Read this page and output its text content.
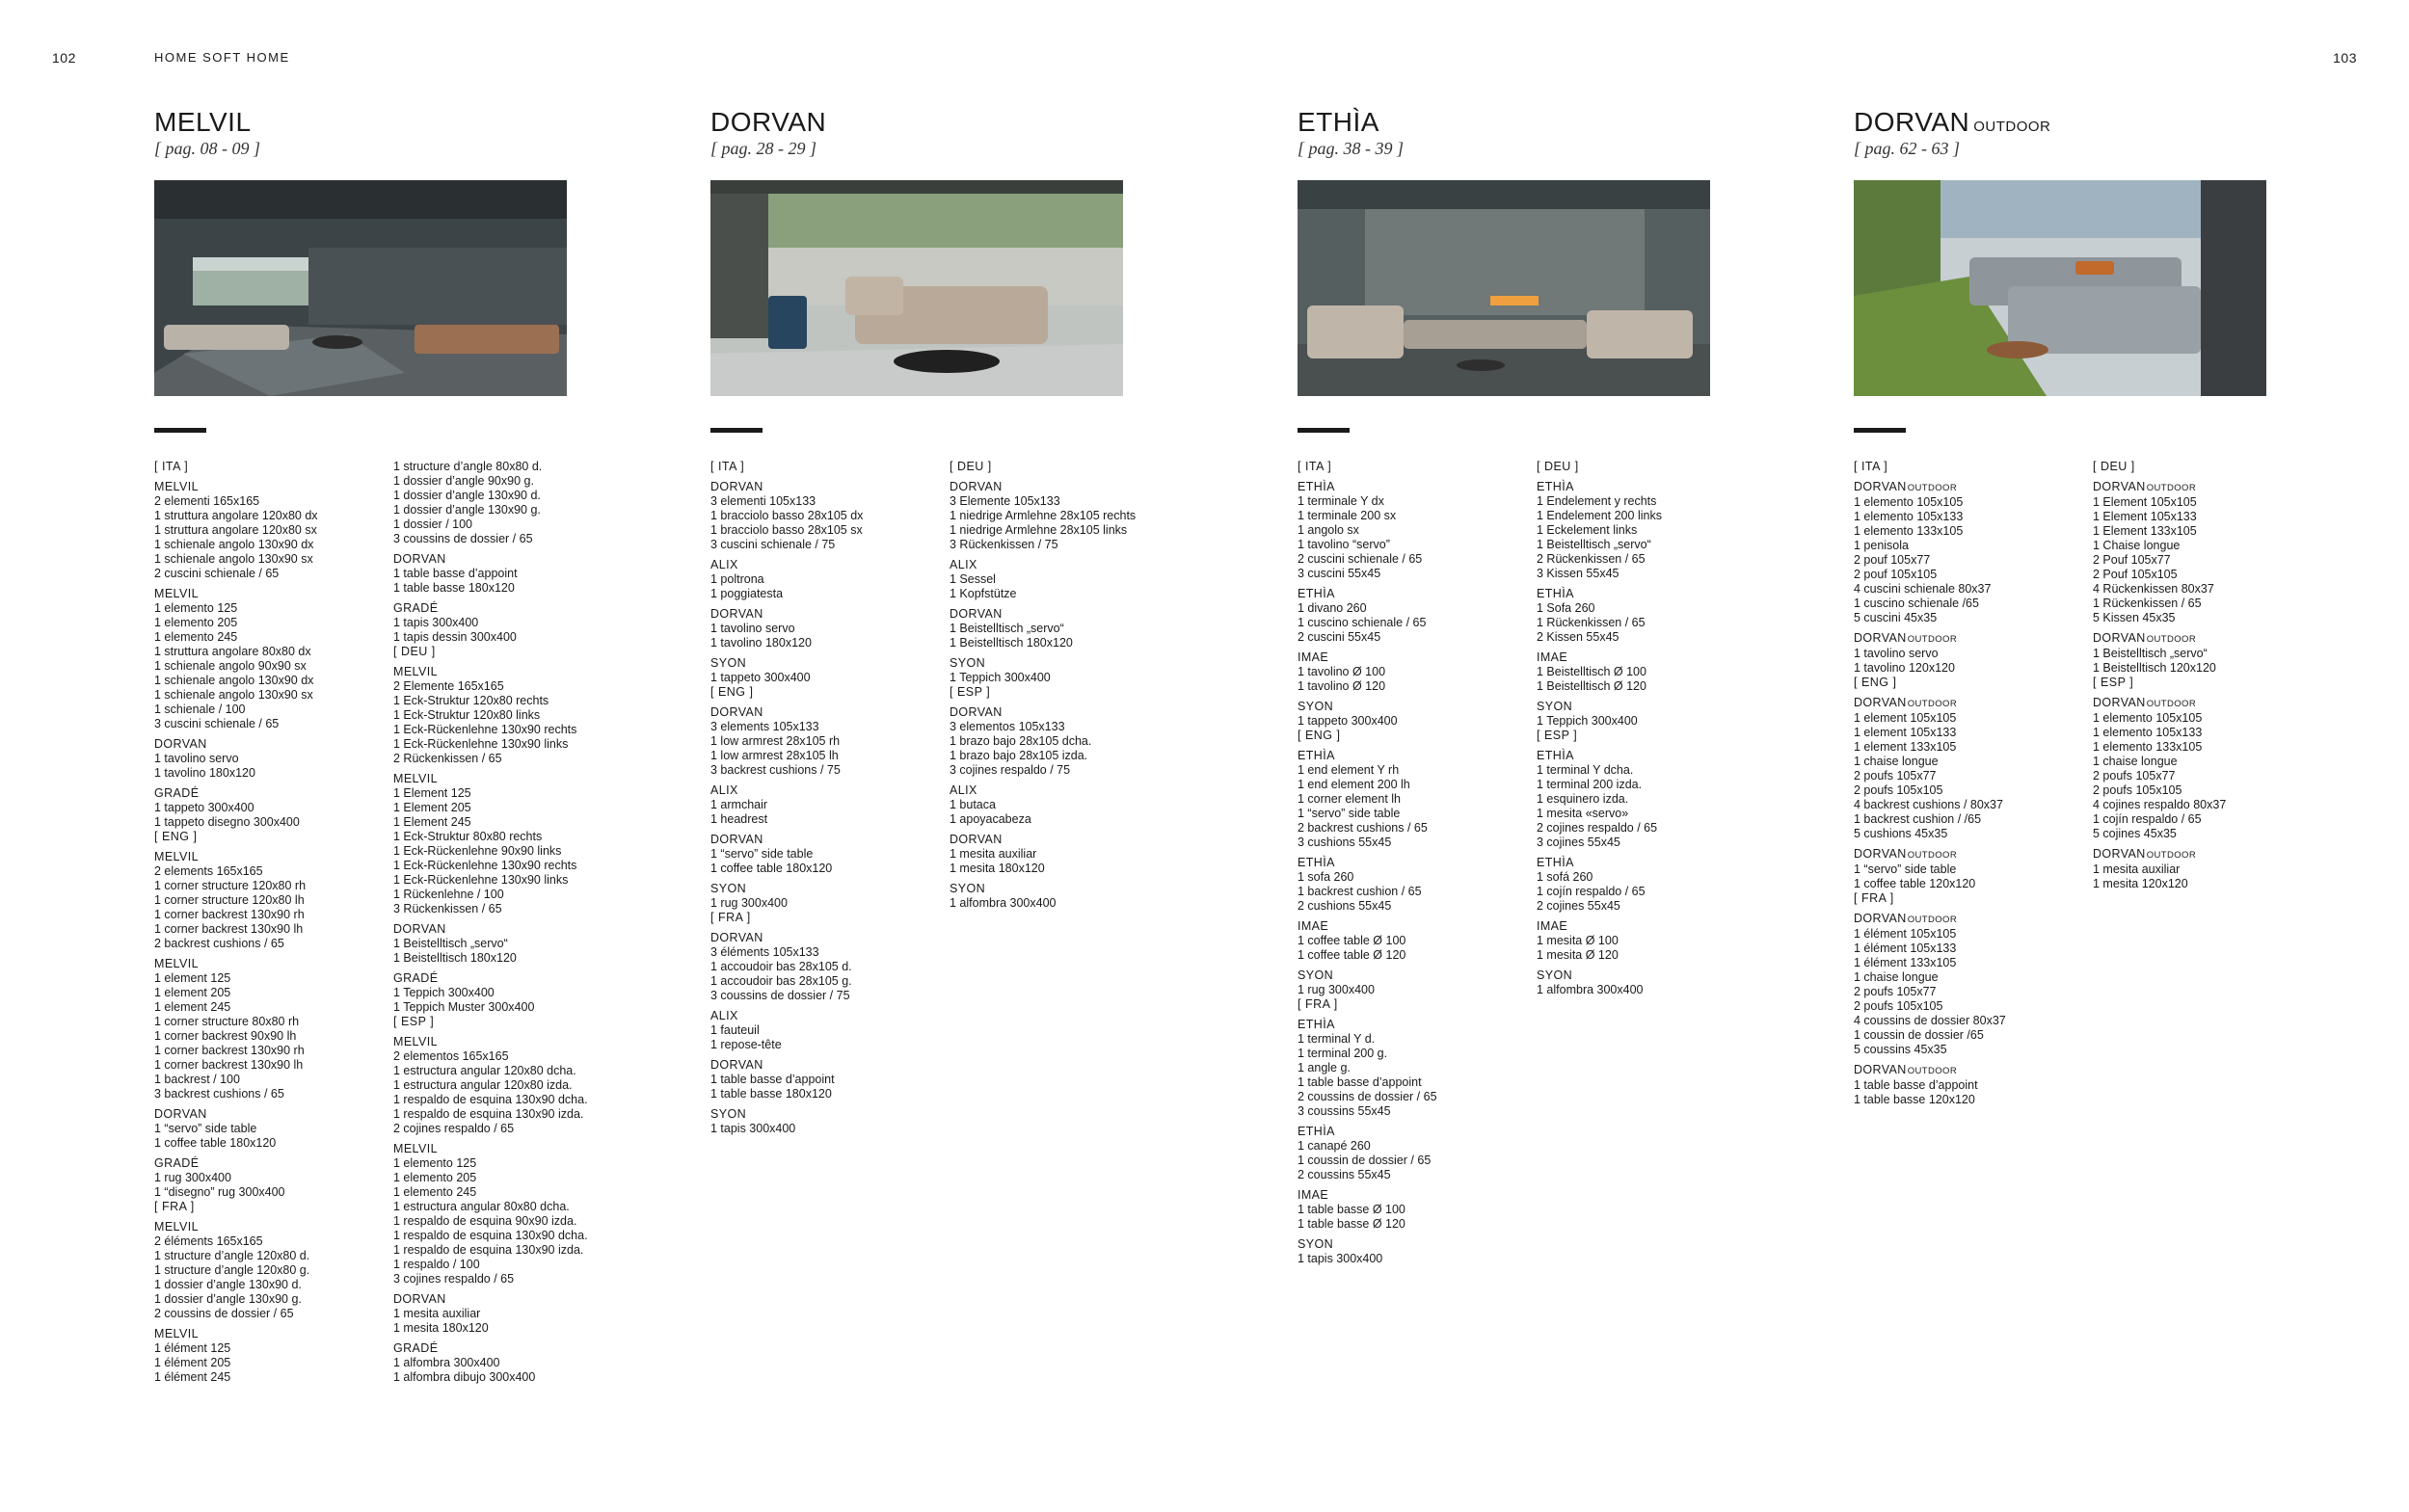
102	HOME SOFT HOME	103
MELVIL
[ pag. 08 - 09 ]
DORVAN
[ pag. 28 - 29 ]
ETHÌA
[ pag. 38 - 39 ]
DORVAN OUTDOOR
[ pag. 62 - 63 ]
[ ITA ]
MELVIL
2 elementi 165x165
1 struttura angolare 120x80 dx
1 struttura angolare 120x80 sx
1 schienale angolo 130x90 dx
1 schienale angolo 130x90 sx
2 cuscini schienale / 65
MELVIL
1 elemento 125
1 elemento 205
1 elemento 245
1 struttura angolare 80x80 dx
1 schienale angolo 90x90 sx
1 schienale angolo 130x90 dx
1 schienale angolo 130x90 sx
1 schienale / 100
3 cuscini schienale / 65
DORVAN
1 tavolino servo
1 tavolino 180x120
GRADÉ
1 tappeto 300x400
1 tappeto disegno 300x400
[ ENG ]
MELVIL
2 elements 165x165
1 corner structure 120x80 rh
1 corner structure 120x80 lh
1 corner backrest 130x90 rh
1 corner backrest 130x90 lh
2 backrest cushions / 65
MELVIL
1 element 125
1 element 205
1 element 245
1 corner structure 80x80 rh
1 corner backrest 90x90 lh
1 corner backrest 130x90 rh
1 corner backrest 130x90 lh
1 backrest / 100
3 backrest cushions / 65
DORVAN
1 “servo” side table
1 coffee table 180x120
GRADÉ
1 rug 300x400
1 “disegno” rug 300x400
[ FRA ]
MELVIL
2 éléments 165x165
1 structure d’angle 120x80 d.
1 structure d’angle 120x80 g.
1 dossier d’angle 130x90 d.
1 dossier d’angle 130x90 g.
2 coussins de dossier / 65
MELVIL
1 élément 125
1 élément 205
1 élément 245
1 structure d’angle 80x80 d.
1 dossier d’angle 90x90 g.
1 dossier d’angle 130x90 d.
1 dossier d’angle 130x90 g.
1 dossier / 100
3 coussins de dossier / 65
DORVAN
1 table basse d’appoint
1 table basse 180x120
GRADÉ
1 tapis 300x400
1 tapis dessin 300x400
[ DEU ]
MELVIL
2 Elemente 165x165
1 Eck-Struktur 120x80 rechts
1 Eck-Struktur 120x80 links
1 Eck-Rückenlehne 130x90 rechts
1 Eck-Rückenlehne 130x90 links
2 Rückenkissen / 65
MELVIL
1 Element 125
1 Element 205
1 Element 245
1 Eck-Struktur 80x80 rechts
1 Eck-Rückenlehne 90x90 links
1 Eck-Rückenlehne 130x90 rechts
1 Eck-Rückenlehne 130x90 links
1 Rückenlehne / 100
3 Rückenkissen / 65
DORVAN
1 Beistelltisch „servo“
1 Beistelltisch 180x120
GRADÉ
1 Teppich 300x400
1 Teppich Muster 300x400
[ ESP ]
MELVIL
2 elementos 165x165
1 estructura angular 120x80 dcha.
1 estructura angular 120x80 izda.
1 respaldo de esquina 130x90 dcha.
1 respaldo de esquina 130x90 izda.
2 cojines respaldo / 65
MELVIL
1 elemento 125
1 elemento 205
1 elemento 245
1 estructura angular 80x80 dcha.
1 respaldo de esquina 90x90 izda.
1 respaldo de esquina 130x90 dcha.
1 respaldo de esquina 130x90 izda.
1 respaldo / 100
3 cojines respaldo / 65
DORVAN
1 mesita auxiliar
1 mesita 180x120
GRADÉ
1 alfombra 300x400
1 alfombra dibujo 300x400
[ ITA ]
DORVAN
3 elementi 105x133
1 bracciolo basso 28x105 dx
1 bracciolo basso 28x105 sx
3 cuscini schienale / 75
ALIX
1 poltrona
1 poggiatesta
DORVAN
1 tavolino servo
1 tavolino 180x120
SYON
1 tappeto 300x400
[ ENG ]
DORVAN
3 elements 105x133
1 low armrest 28x105 rh
1 low armrest 28x105 lh
3 backrest cushions / 75
ALIX
1 armchair
1 headrest
DORVAN
1 “servo” side table
1 coffee table 180x120
SYON
1 rug 300x400
[ FRA ]
DORVAN
3 éléments 105x133
1 accoudoir bas 28x105 d.
1 accoudoir bas 28x105 g.
3 coussins de dossier / 75
ALIX
1 fauteuil
1 repose-tête
DORVAN
1 table basse d’appoint
1 table basse 180x120
SYON
1 tapis 300x400
[ DEU ]
DORVAN
3 Elemente 105x133
1 niedrige Armlehne 28x105 rechts
1 niedrige Armlehne 28x105 links
3 Rückenkissen / 75
ALIX
1 Sessel
1 Kopfstütze
DORVAN
1 Beistelltisch „servo“
1 Beistelltisch 180x120
SYON
1 Teppich 300x400
[ ESP ]
DORVAN
3 elementos 105x133
1 brazo bajo 28x105 dcha.
1 brazo bajo 28x105 izda.
3 cojines respaldo / 75
ALIX
1 butaca
1 apoyacabeza
DORVAN
1 mesita auxiliar
1 mesita 180x120
SYON
1 alfombra 300x400
[ ITA ]
ETHÌA
1 terminale Y dx
1 terminale 200 sx
1 angolo sx
1 tavolino “servo”
2 cuscini schienale / 65
3 cuscini 55x45
ETHÌA
1 divano 260
1 cuscino schienale / 65
2 cuscini 55x45
IMAE
1 tavolino Ø 100
1 tavolino Ø 120
SYON
1 tappeto 300x400
[ ENG ]
ETHÌA
1 end element Y rh
1 end element 200 lh
1 corner element lh
1 “servo” side table
2 backrest cushions / 65
3 cushions 55x45
ETHÌA
1 sofa 260
1 backrest cushion / 65
2 cushions 55x45
IMAE
1 coffee table Ø 100
1 coffee table Ø 120
SYON
1 rug 300x400
[ FRA ]
ETHÌA
1 terminal Y d.
1 terminal 200 g.
1 angle g.
1 table basse d’appoint
2 coussins de dossier / 65
3 coussins 55x45
ETHÌA
1 canapé 260
1 coussin de dossier / 65
2 coussins 55x45
IMAE
1 table basse Ø 100
1 table basse Ø 120
SYON
1 tapis 300x400
[ DEU ]
ETHÌA
1 Endelement y rechts
1 Endelement 200 links
1 Eckelement links
1 Beistelltisch „servo“
2 Rückenkissen / 65
3 Kissen 55x45
ETHÌA
1 Sofa 260
1 Rückenkissen / 65
2 Kissen 55x45
IMAE
1 Beistelltisch Ø 100
1 Beistelltisch Ø 120
SYON
1 Teppich 300x400
[ ESP ]
ETHÌA
1 terminal Y dcha.
1 terminal 200 izda.
1 esquinero izda.
1 mesita «servo»
2 cojines respaldo / 65
3 cojines 55x45
ETHÌA
1 sofá 260
1 cojín respaldo / 65
2 cojines 55x45
IMAE
1 mesita Ø 100
1 mesita Ø 120
SYON
1 alfombra 300x400
[ ITA ]
DORVANOUTDOOR
1 elemento 105x105
1 elemento 105x133
1 elemento 133x105
1 penisola
2 pouf 105x77
2 pouf 105x105
4 cuscini schienale 80x37
1 cuscino schienale /65
5 cuscini 45x35
DORVANOUTDOOR
1 tavolino servo
1 tavolino 120x120
[ ENG ]
DORVANOUTDOOR
1 element 105x105
1 element 105x133
1 element 133x105
1 chaise longue
2 poufs 105x77
2 poufs 105x105
4 backrest cushions / 80x37
1 backrest cushion / /65
5 cushions 45x35
DORVANOUTDOOR
1 “servo” side table
1 coffee table 120x120
[ FRA ]
DORVANOUTDOOR
1 élément 105x105
1 élément 105x133
1 élément 133x105
1 chaise longue
2 poufs 105x77
2 poufs 105x105
4 coussins de dossier 80x37
1 coussin de dossier /65
5 coussins 45x35
DORVANOUTDOOR
1 table basse d’appoint
1 table basse 120x120
[ DEU ]
DORVANOUTDOOR
1 Element 105x105
1 Element 105x133
1 Element 133x105
1 Chaise longue
2 Pouf 105x77
2 Pouf 105x105
4 Rückenkissen 80x37
1 Rückenkissen / 65
5 Kissen 45x35
DORVANOUTDOOR
1 Beistelltisch „servo“
1 Beistelltisch 120x120
[ ESP ]
DORVANOUTDOOR
1 elemento 105x105
1 elemento 105x133
1 elemento 133x105
1 chaise longue
2 poufs 105x77
2 poufs 105x105
4 cojines respaldo 80x37
1 cojín respaldo / 65
5 cojines 45x35
DORVANOUTDOOR
1 mesita auxiliar
1 mesita 120x120
